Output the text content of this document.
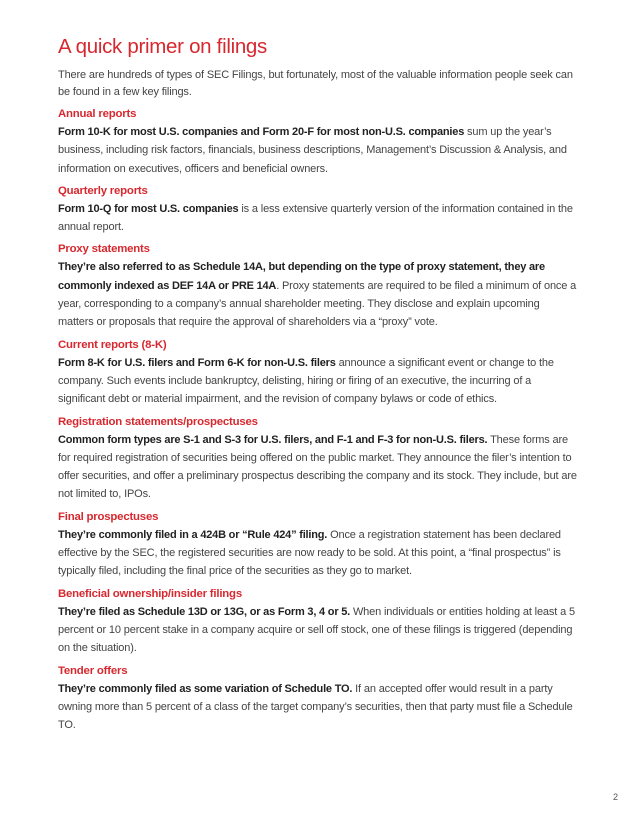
A quick primer on filings

There are hundreds of types of SEC Filings, but fortunately, most of the valuable information people seek can be found in a few key filings.

Annual reports

Form 10-K for most U.S. companies and Form 20-F for most non-U.S. companies sum up the year’s business, including risk factors, financials, business descriptions, Management’s Discussion & Analysis, and information on executives, officers and beneficial owners.

Quarterly reports

Form 10-Q for most U.S. companies is a less extensive quarterly version of the information contained in the annual report.

Proxy statements

They’re also referred to as Schedule 14A, but depending on the type of proxy statement, they are commonly indexed as DEF 14A or PRE 14A. Proxy statements are required to be filed a minimum of once a year, corresponding to a company’s annual shareholder meeting. They disclose and explain upcoming matters or proposals that require the approval of shareholders via a “proxy” vote.

Current reports (8-K)

Form 8-K for U.S. filers and Form 6-K for non-U.S. filers announce a significant event or change to the company. Such events include bankruptcy, delisting, hiring or firing of an executive, the incurring of a significant debt or material impairment, and the revision of company bylaws or code of ethics.

Registration statements/prospectuses

Common form types are S-1 and S-3 for U.S. filers, and F-1 and F-3 for non-U.S. filers. These forms are for required registration of securities being offered on the public market. They announce the filer’s intention to offer securities, and offer a preliminary prospectus describing the company and its stock. They include, but are not limited to, IPOs.

Final prospectuses

They’re commonly filed in a 424B or “Rule 424” filing. Once a registration statement has been declared effective by the SEC, the registered securities are now ready to be sold. At this point, a “final prospectus” is typically filed, including the final price of the securities as they go to market.

Beneficial ownership/insider filings

They’re filed as Schedule 13D or 13G, or as Form 3, 4 or 5. When individuals or entities holding at least a 5 percent or 10 percent stake in a company acquire or sell off stock, one of these filings is triggered (depending on the situation).

Tender offers

They’re commonly filed as some variation of Schedule TO. If an accepted offer would result in a party owning more than 5 percent of a class of the target company’s securities, then that party must file a Schedule TO.

2
